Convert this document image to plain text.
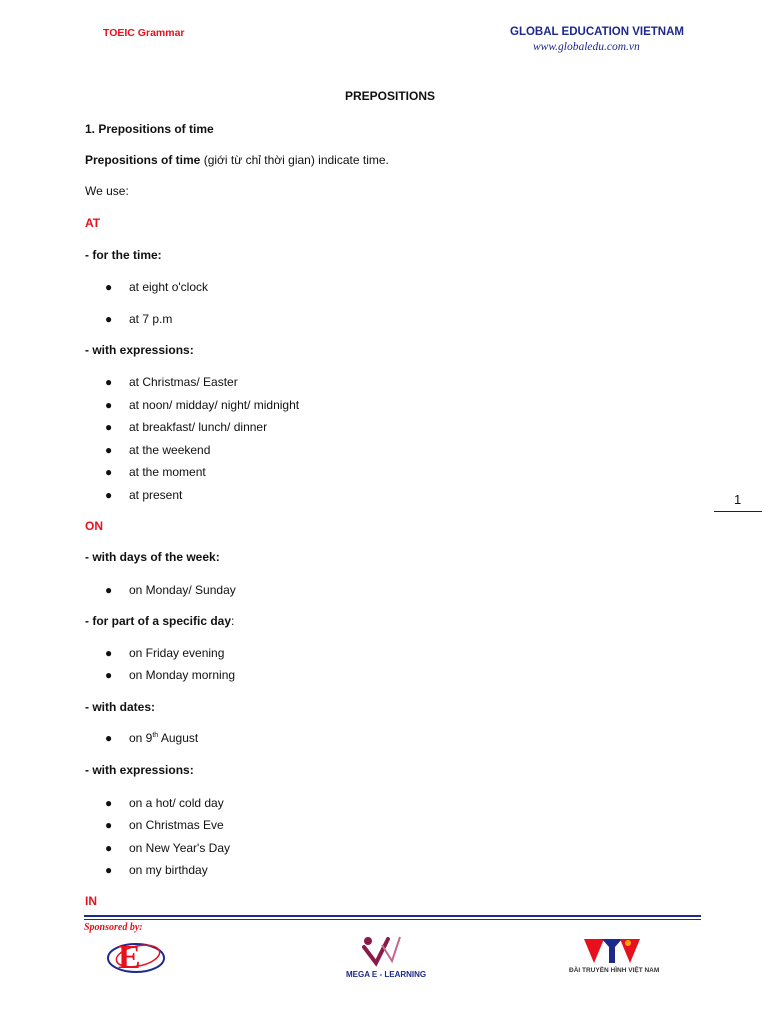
TOEIC Grammar	GLOBAL EDUCATION VIETNAM
www.globaledu.com.vn
PREPOSITIONS
1. Prepositions of time
Prepositions of time (giới từ chỉ thời gian) indicate time.
We use:
AT
- for the time:
● at eight o'clock
● at 7 p.m
- with expressions:
● at Christmas/ Easter
● at noon/ midday/ night/ midnight
● at breakfast/ lunch/ dinner
● at the weekend
● at the moment
● at present	1
ON
- with days of the week:
● on Monday/ Sunday
- for part of a specific day:
● on Friday evening
● on Monday morning
- with dates:
● on 9th August
- with expressions:
● on a hot/ cold day
● on Christmas Eve
● on New Year's Day
● on my birthday
IN
Sponsored by:
E	MEGA E - LEARNING	ĐÀI TRUYỀN HÌNH VIỆT NAM
